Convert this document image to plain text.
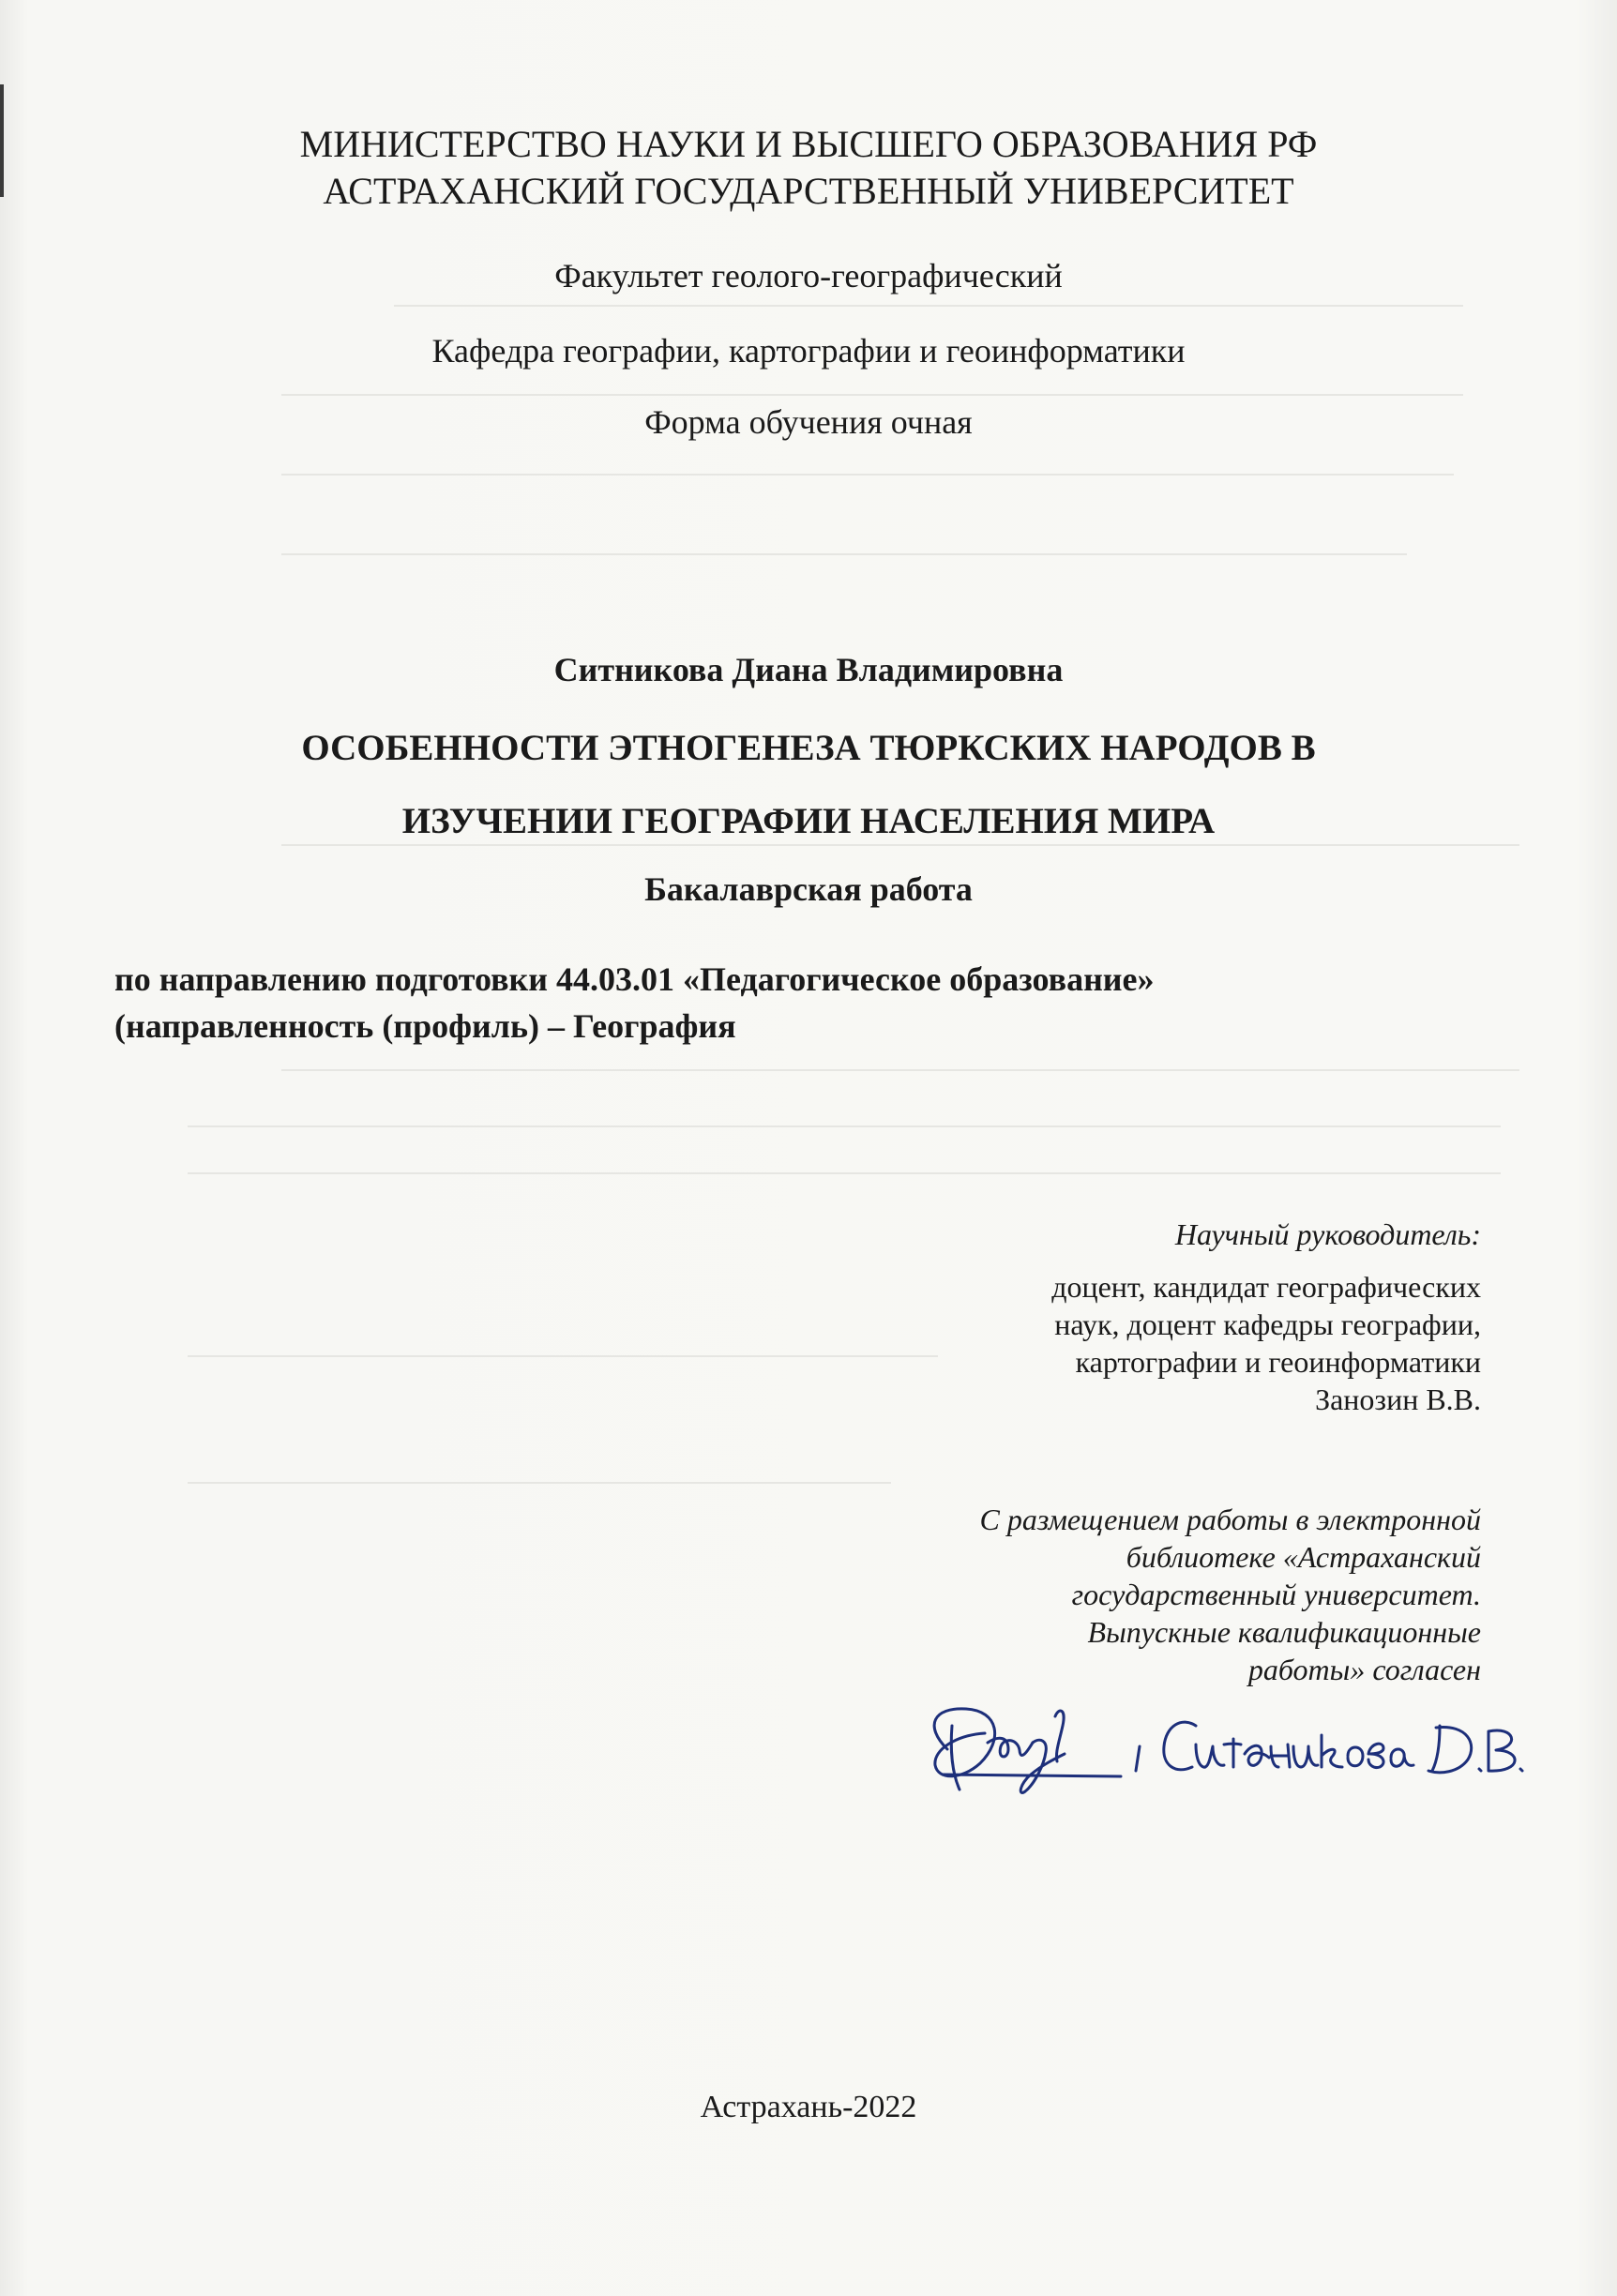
МИНИСТЕРСТВО НАУКИ И ВЫСШЕГО ОБРАЗОВАНИЯ РФ
АСТРАХАНСКИЙ ГОСУДАРСТВЕННЫЙ УНИВЕРСИТЕТ
Факультет геолого-географический
Кафедра географии, картографии и геоинформатики
Форма обучения очная
Ситникова Диана Владимировна
ОСОБЕННОСТИ ЭТНОГЕНЕЗА ТЮРКСКИХ НАРОДОВ В
ИЗУЧЕНИИ ГЕОГРАФИИ НАСЕЛЕНИЯ МИРА
Бакалаврская работа
по направлению подготовки 44.03.01 «Педагогическое образование»
(направленность (профиль) – География
Научный руководитель:
доцент, кандидат географических
наук, доцент кафедры географии,
картографии и геоинформатики
Занозин В.В.
С размещением работы в электронной
библиотеке «Астраханский
государственный университет.
Выпускные квалификационные
работы» согласен
Астрахань-2022
